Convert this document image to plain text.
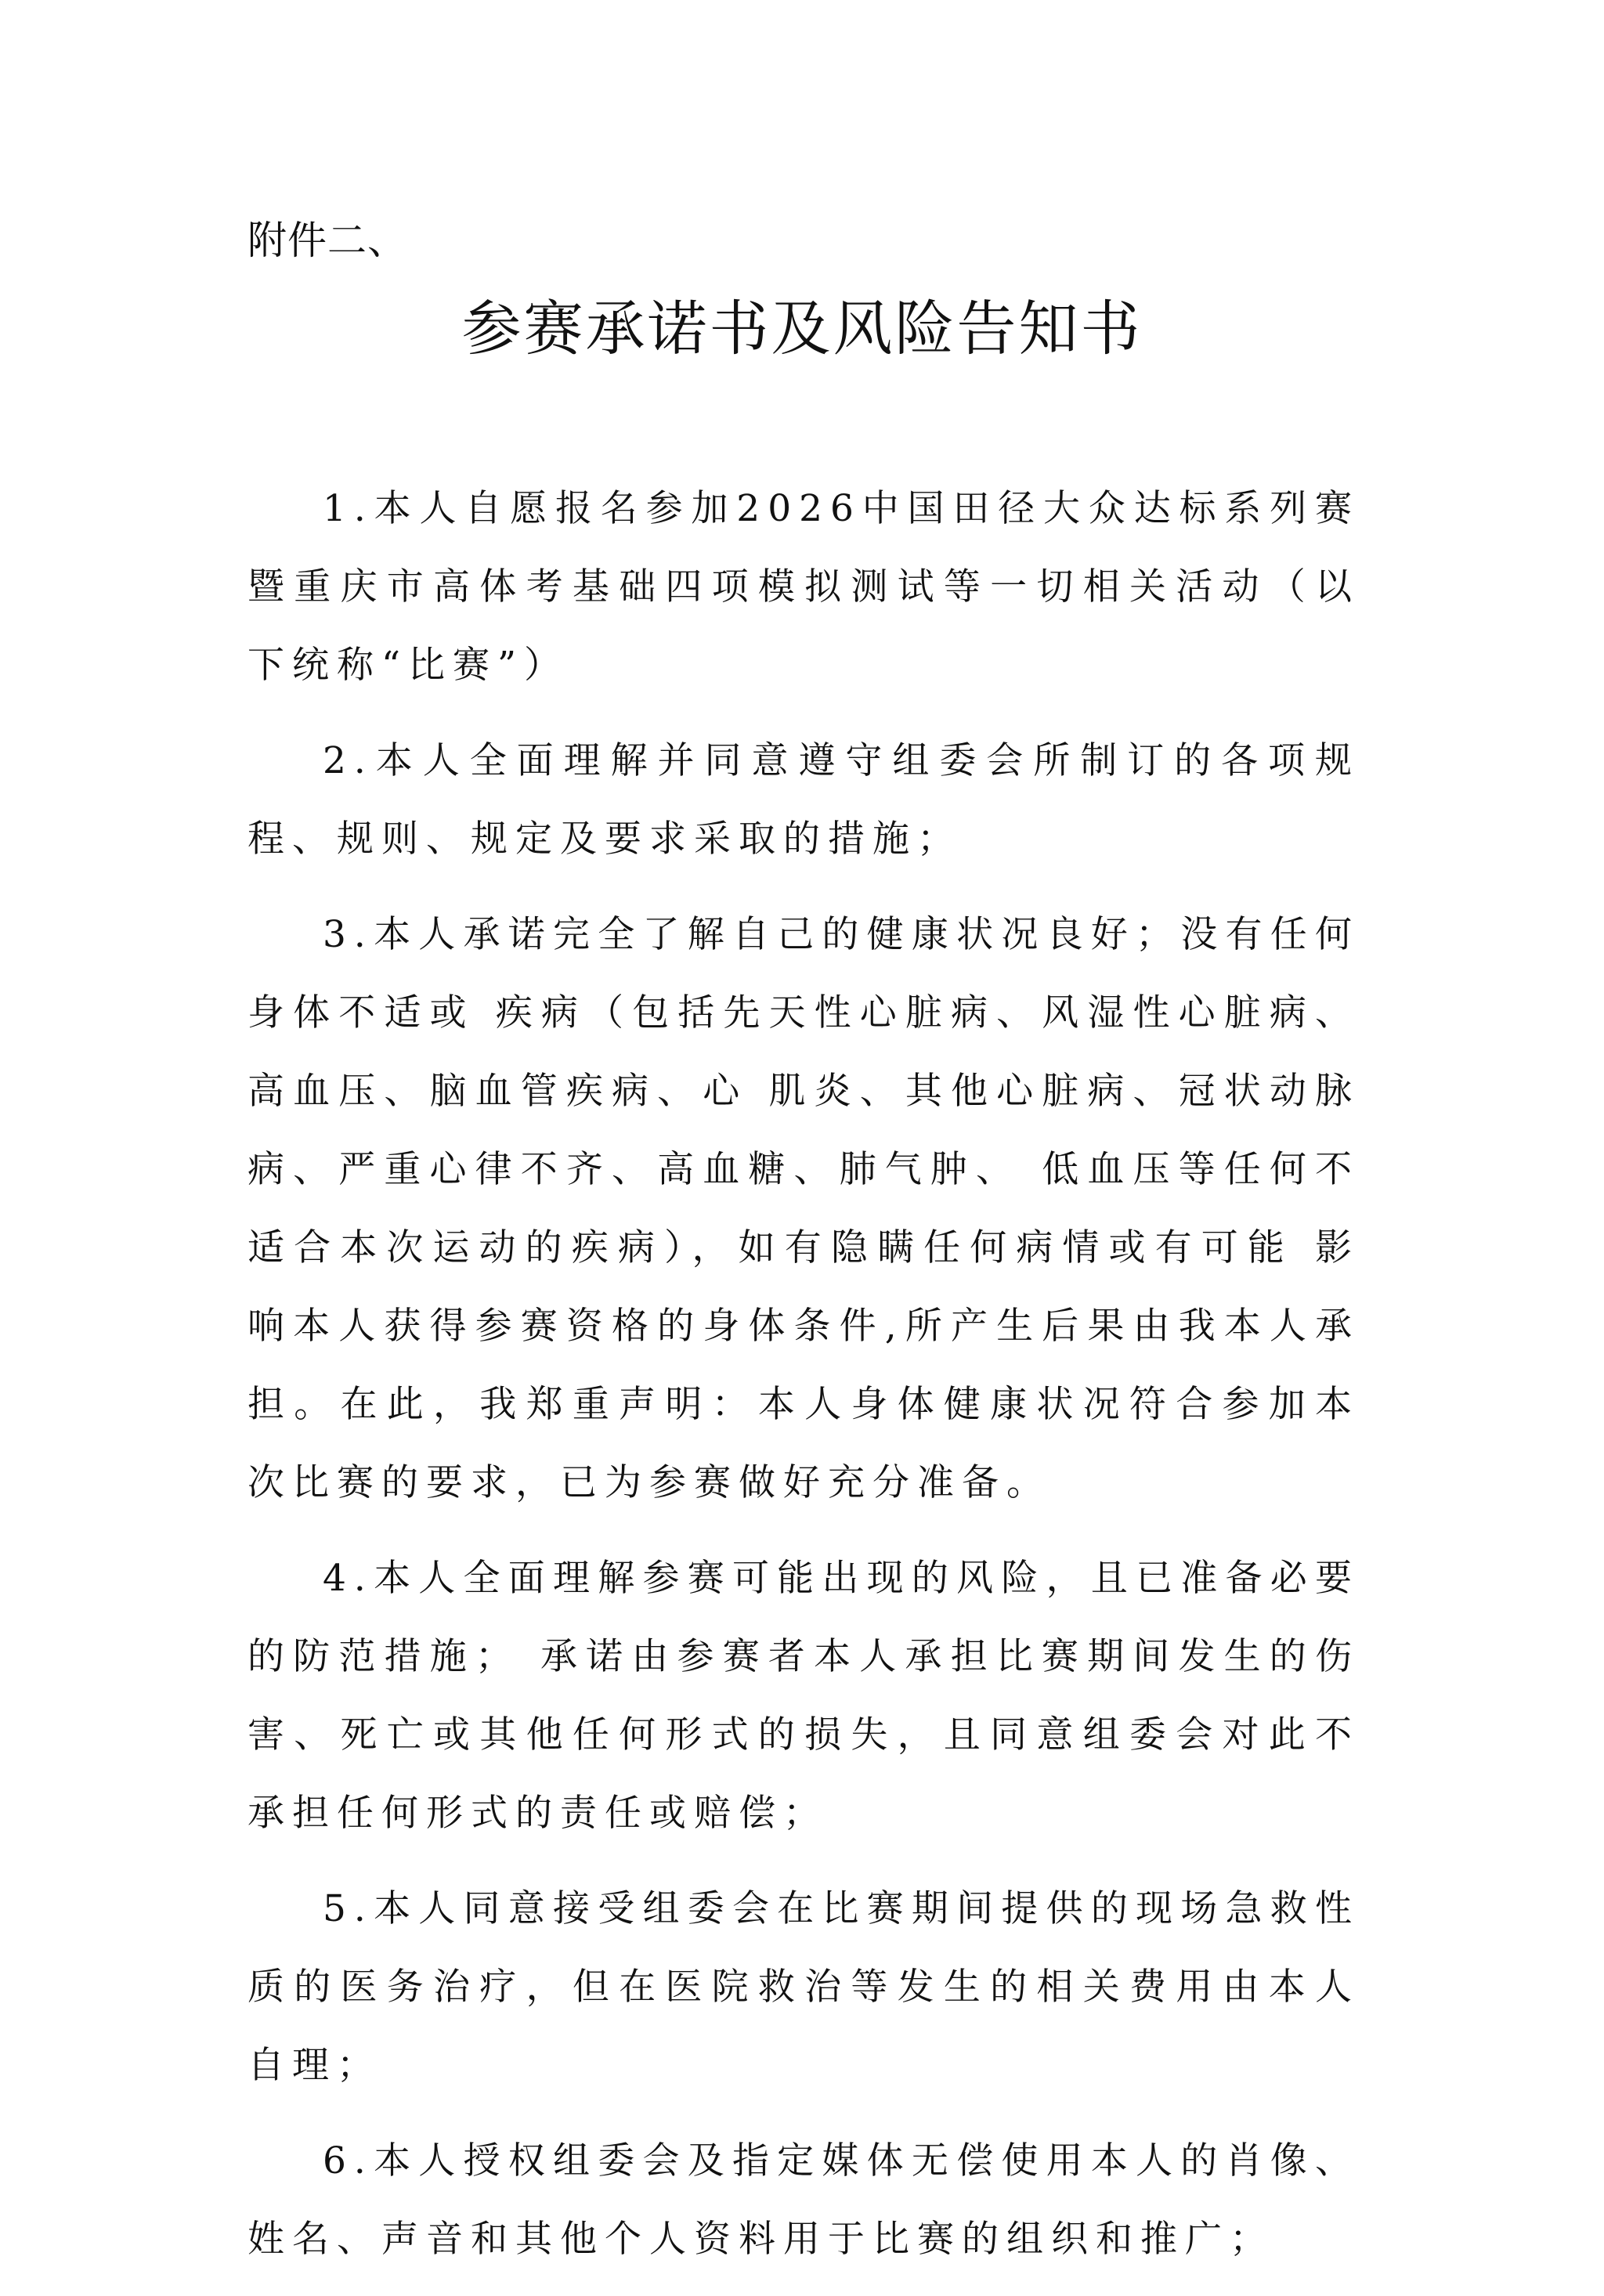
附件二、
参赛承诺书及风险告知书

1.本人自愿报名参加2026中国田径大众达标系列赛暨重庆市高体考基础四项模拟测试等一切相关活动（以下统称“比赛”）

2.本人全面理解并同意遵守组委会所制订的各项规程、规则、规定及要求采取的措施；

3.本人承诺完全了解自己的健康状况良好；没有任何身体不适或 疾病（包括先天性心脏病、风湿性心脏病、高血压、脑血管疾病、心 肌炎、其他心脏病、冠状动脉病、严重心律不齐、高血糖、肺气肿、 低血压等任何不适合本次运动的疾病），如有隐瞒任何病情或有可能 影响本人获得参赛资格的身体条件,所产生后果由我本人承担。在此，我郑重声明：本人身体健康状况符合参加本次比赛的要求，已为参赛做好充分准备。

4.本人全面理解参赛可能出现的风险，且已准备必要的防范措施； 承诺由参赛者本人承担比赛期间发生的伤害、死亡或其他任何形式的损失，且同意组委会对此不承担任何形式的责任或赔偿；

5.本人同意接受组委会在比赛期间提供的现场急救性质的医务治疗，但在医院救治等发生的相关费用由本人自理；

6.本人授权组委会及指定媒体无偿使用本人的肖像、姓名、声音和其他个人资料用于比赛的组织和推广；
